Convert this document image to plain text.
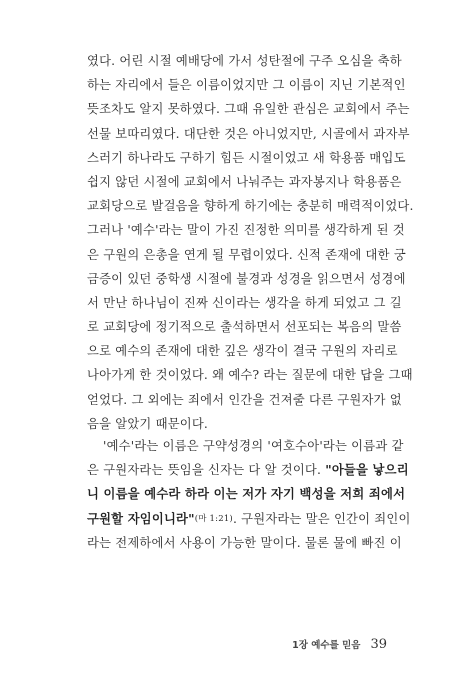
였다. 어린 시절 예배당에 가서 성탄절에 구주 오심을 축하
하는 자리에서 들은 이름이었지만 그 이름이 지닌 기본적인
뜻조차도 알지 못하였다. 그때 유일한 관심은 교회에서 주는
선물 보따리였다. 대단한 것은 아니었지만, 시골에서 과자부
스러기 하나라도 구하기 힘든 시절이었고 새 학용품 매입도
쉽지 않던 시절에 교회에서 나눠주는 과자봉지나 학용품은
교회당으로 발걸음을 향하게 하기에는 충분히 매력적이었다.
그러나 '예수'라는 말이 가진 진정한 의미를 생각하게 된 것
은 구원의 은총을 연게 될 무렵이었다. 신적 존재에 대한 궁
금증이 있던 중학생 시절에 불경과 성경을 읽으면서 성경에
서 만난 하나님이 진짜 신이라는 생각을 하게 되었고 그 길
로 교회당에 정기적으로 출석하면서 선포되는 복음의 말씀
으로 예수의 존재에 대한 깊은 생각이 결국 구원의 자리로
나아가게 한 것이었다. 왜 예수? 라는 질문에 대한 답을 그때
얻었다. 그 외에는 죄에서 인간을 건져줄 다른 구원자가 없
음을 알았기 때문이다.
'예수'라는 이름은 구약성경의 '여호수아'라는 이름과 같
은 구원자라는 뜻임을 신자는 다 알 것이다. "아들을 낳으리
니 이름을 예수라 하라 이는 저가 자기 백성을 저희 죄에서
구원할 자임이니라"(마 1:21). 구원자라는 말은 인간이 죄인이
라는 전제하에서 사용이 가능한 말이다. 물론 물에 빠진 이
1장 예수를 믿음 39
